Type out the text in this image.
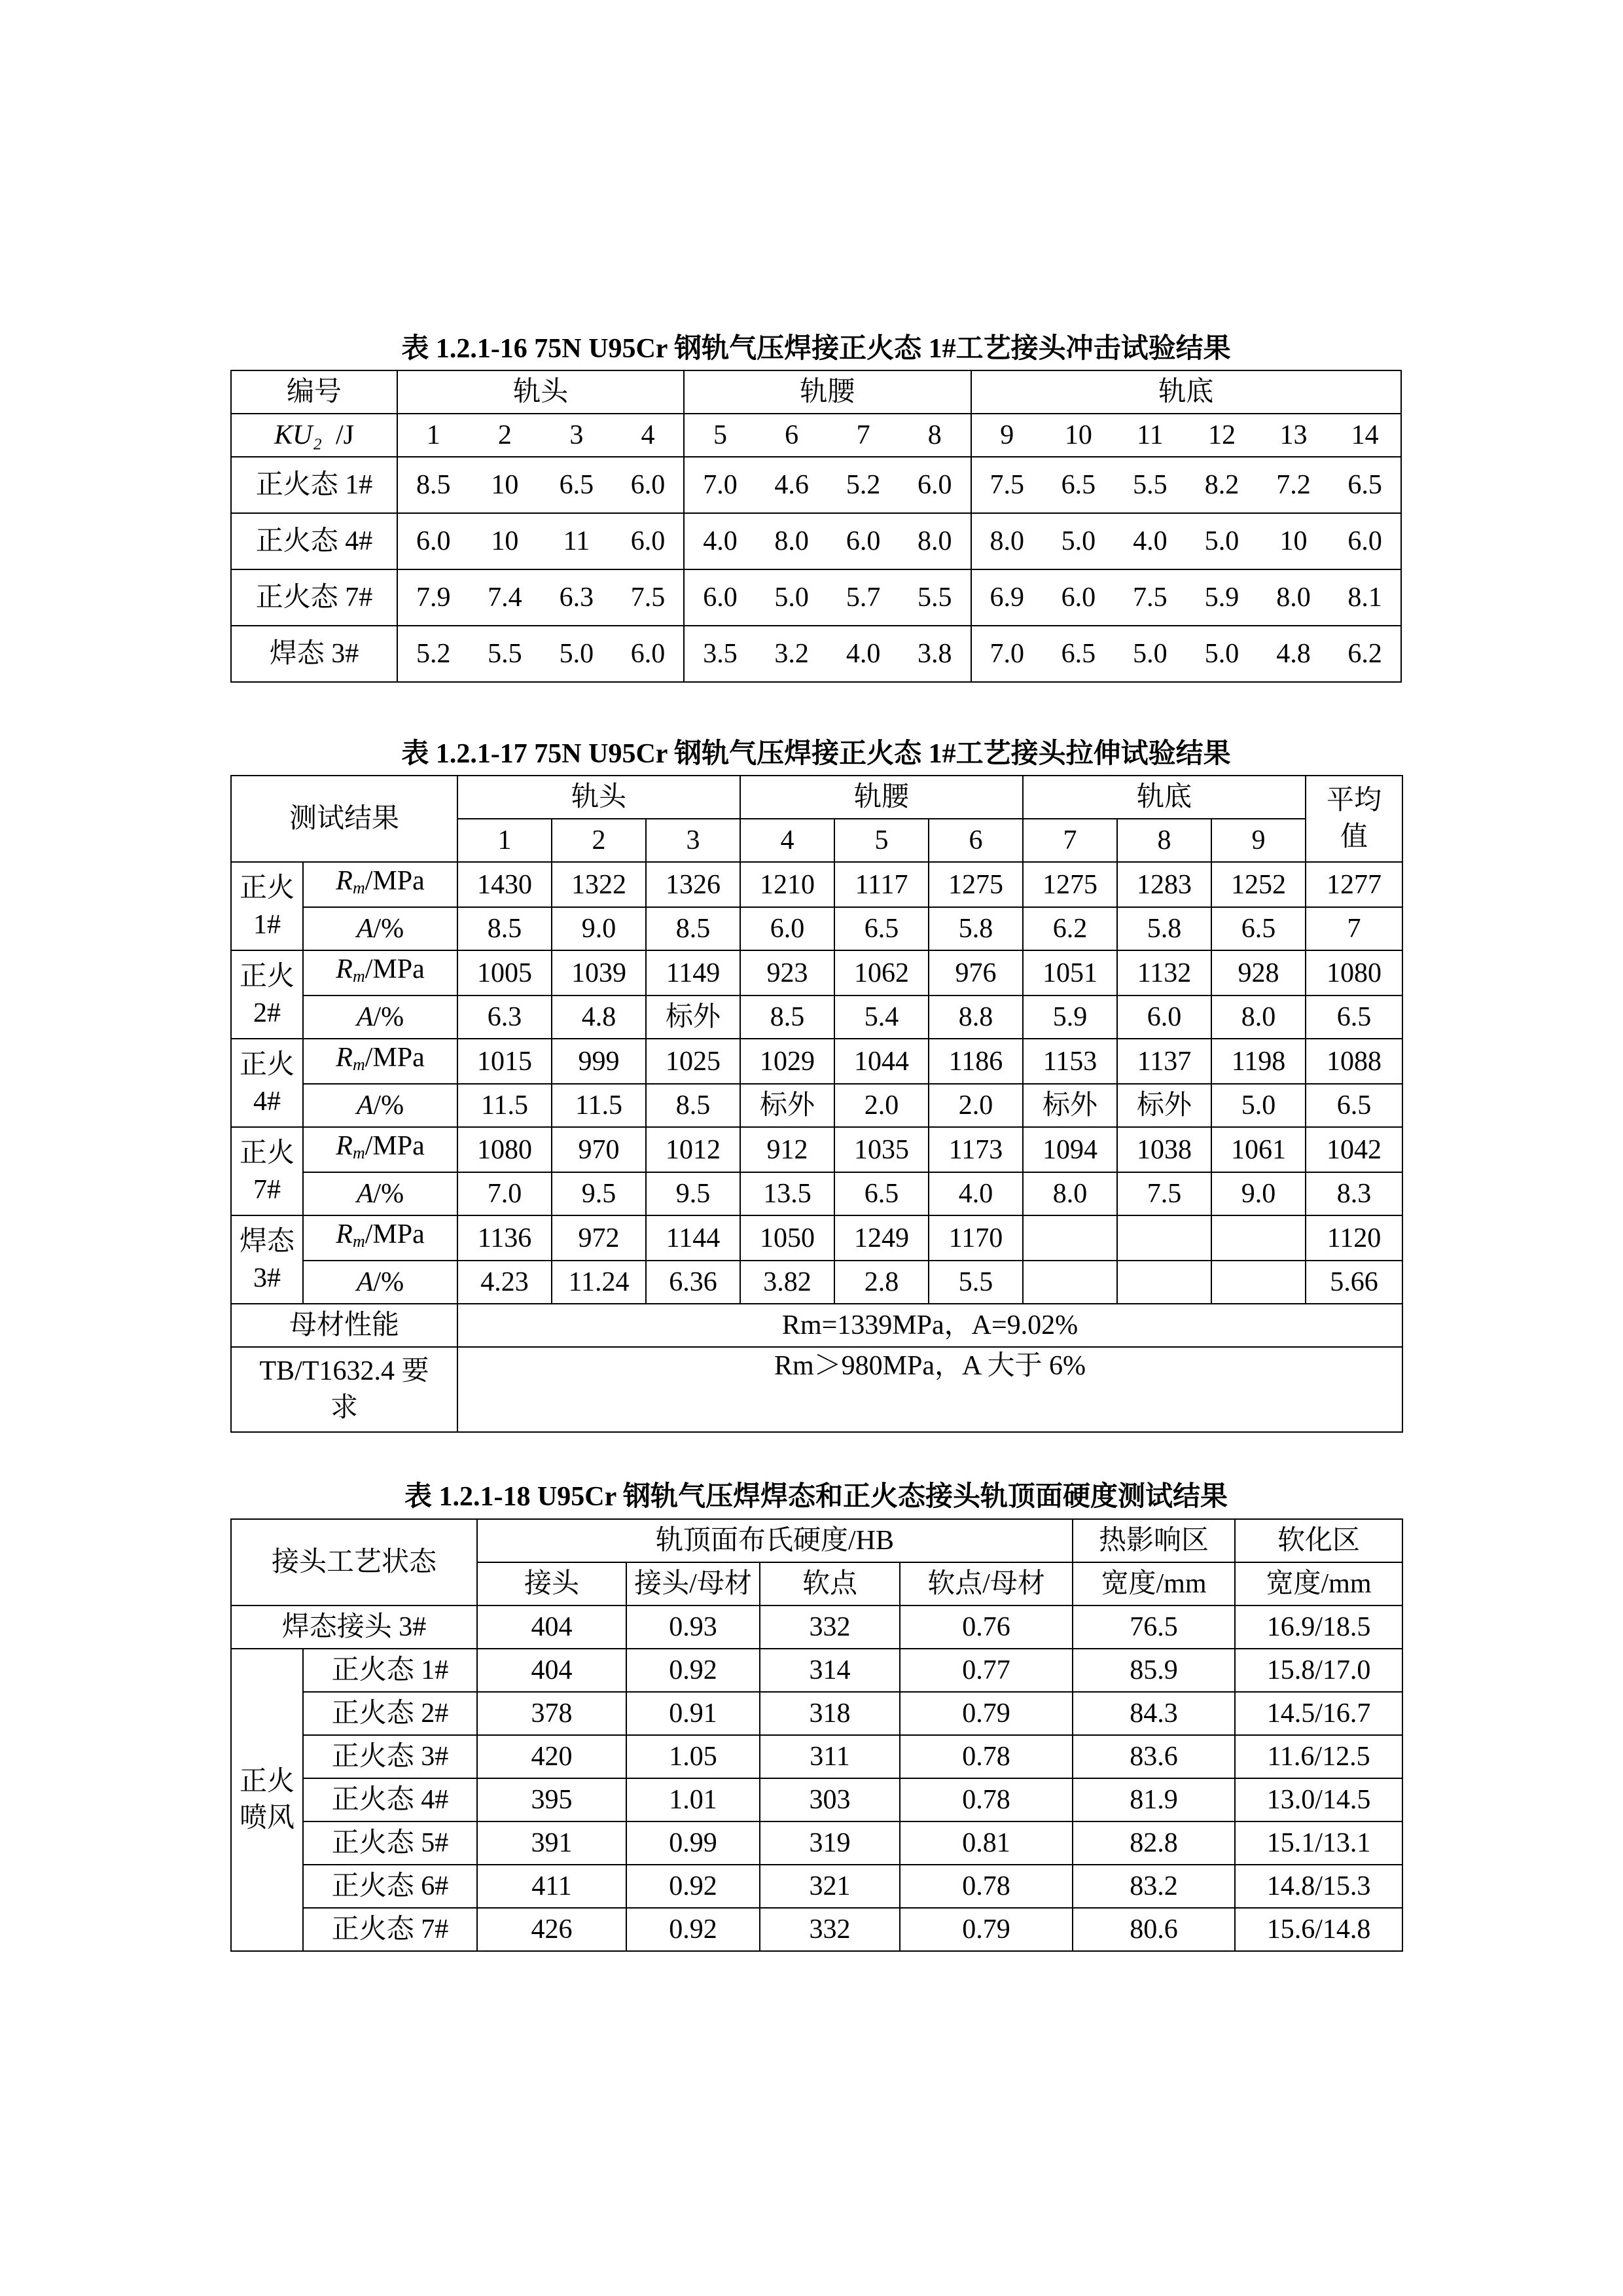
表 1.2.1-16 75N U95Cr 钢轨气压焊接正火态 1#工艺接头冲击试验结果
编号	轨头				轨腰				轨底					
KU₂ /J	1	2	3	4	5	6	7	8	9	10	11	12	13	14
正火态 1#	8.5	10	6.5	6.0	7.0	4.6	5.2	6.0	7.5	6.5	5.5	8.2	7.2	6.5
正火态 4#	6.0	10	11	6.0	4.0	8.0	6.0	8.0	8.0	5.0	4.0	5.0	10	6.0
正火态 7#	7.9	7.4	6.3	7.5	6.0	5.0	5.7	5.5	6.9	6.0	7.5	5.9	8.0	8.1
焊态 3#	5.2	5.5	5.0	6.0	3.5	3.2	4.0	3.8	7.0	6.5	5.0	5.0	4.8	6.2
表 1.2.1-17 75N U95Cr 钢轨气压焊接正火态 1#工艺接头拉伸试验结果
测试结果		轨头			轨腰			轨底			平均
值
		1	2	3	4	5	6	7	8	9	
正火
1#	$R_m$/MPa	1430	1322	1326	1210	1117	1275	1275	1283	1252	1277
	A/%	8.5	9.0	8.5	6.0	6.5	5.8	6.2	5.8	6.5	7
正火
2#	$R_m$/MPa	1005	1039	1149	923	1062	976	1051	1132	928	1080
	A/%	6.3	4.8	标外	8.5	5.4	8.8	5.9	6.0	8.0	6.5
正火
4#	$R_m$/MPa	1015	999	1025	1029	1044	1186	1153	1137	1198	1088
	A/%	11.5	11.5	8.5	标外	2.0	2.0	标外	标外	5.0	6.5
正火
7#	$R_m$/MPa	1080	970	1012	912	1035	1173	1094	1038	1061	1042
	A/%	7.0	9.5	9.5	13.5	6.5	4.0	8.0	7.5	9.0	8.3
焊态
3#	$R_m$/MPa	1136	972	1144	1050	1249	1170				1120
	A/%	4.23	11.24	6.36	3.82	2.8	5.5				5.66
母材性能		Rm=1339MPa，A=9.02%									
TB/T1632.4 要
求		Rm＞980MPa，A 大于 6%									
表 1.2.1-18 U95Cr 钢轨气压焊焊态和正火态接头轨顶面硬度测试结果
接头工艺状态		轨顶面布氏硬度/HB				热影响区	软化区
		接头	接头/母材	软点	软点/母材	宽度/mm	宽度/mm
焊态接头 3#		404	0.93	332	0.76	76.5	16.9/18.5
正火
喷风	正火态 1#	404	0.92	314	0.77	85.9	15.8/17.0
	正火态 2#	378	0.91	318	0.79	84.3	14.5/16.7
	正火态 3#	420	1.05	311	0.78	83.6	11.6/12.5
	正火态 4#	395	1.01	303	0.78	81.9	13.0/14.5
	正火态 5#	391	0.99	319	0.81	82.8	15.1/13.1
	正火态 6#	411	0.92	321	0.78	83.2	14.8/15.3
	正火态 7#	426	0.92	332	0.79	80.6	15.6/14.8
